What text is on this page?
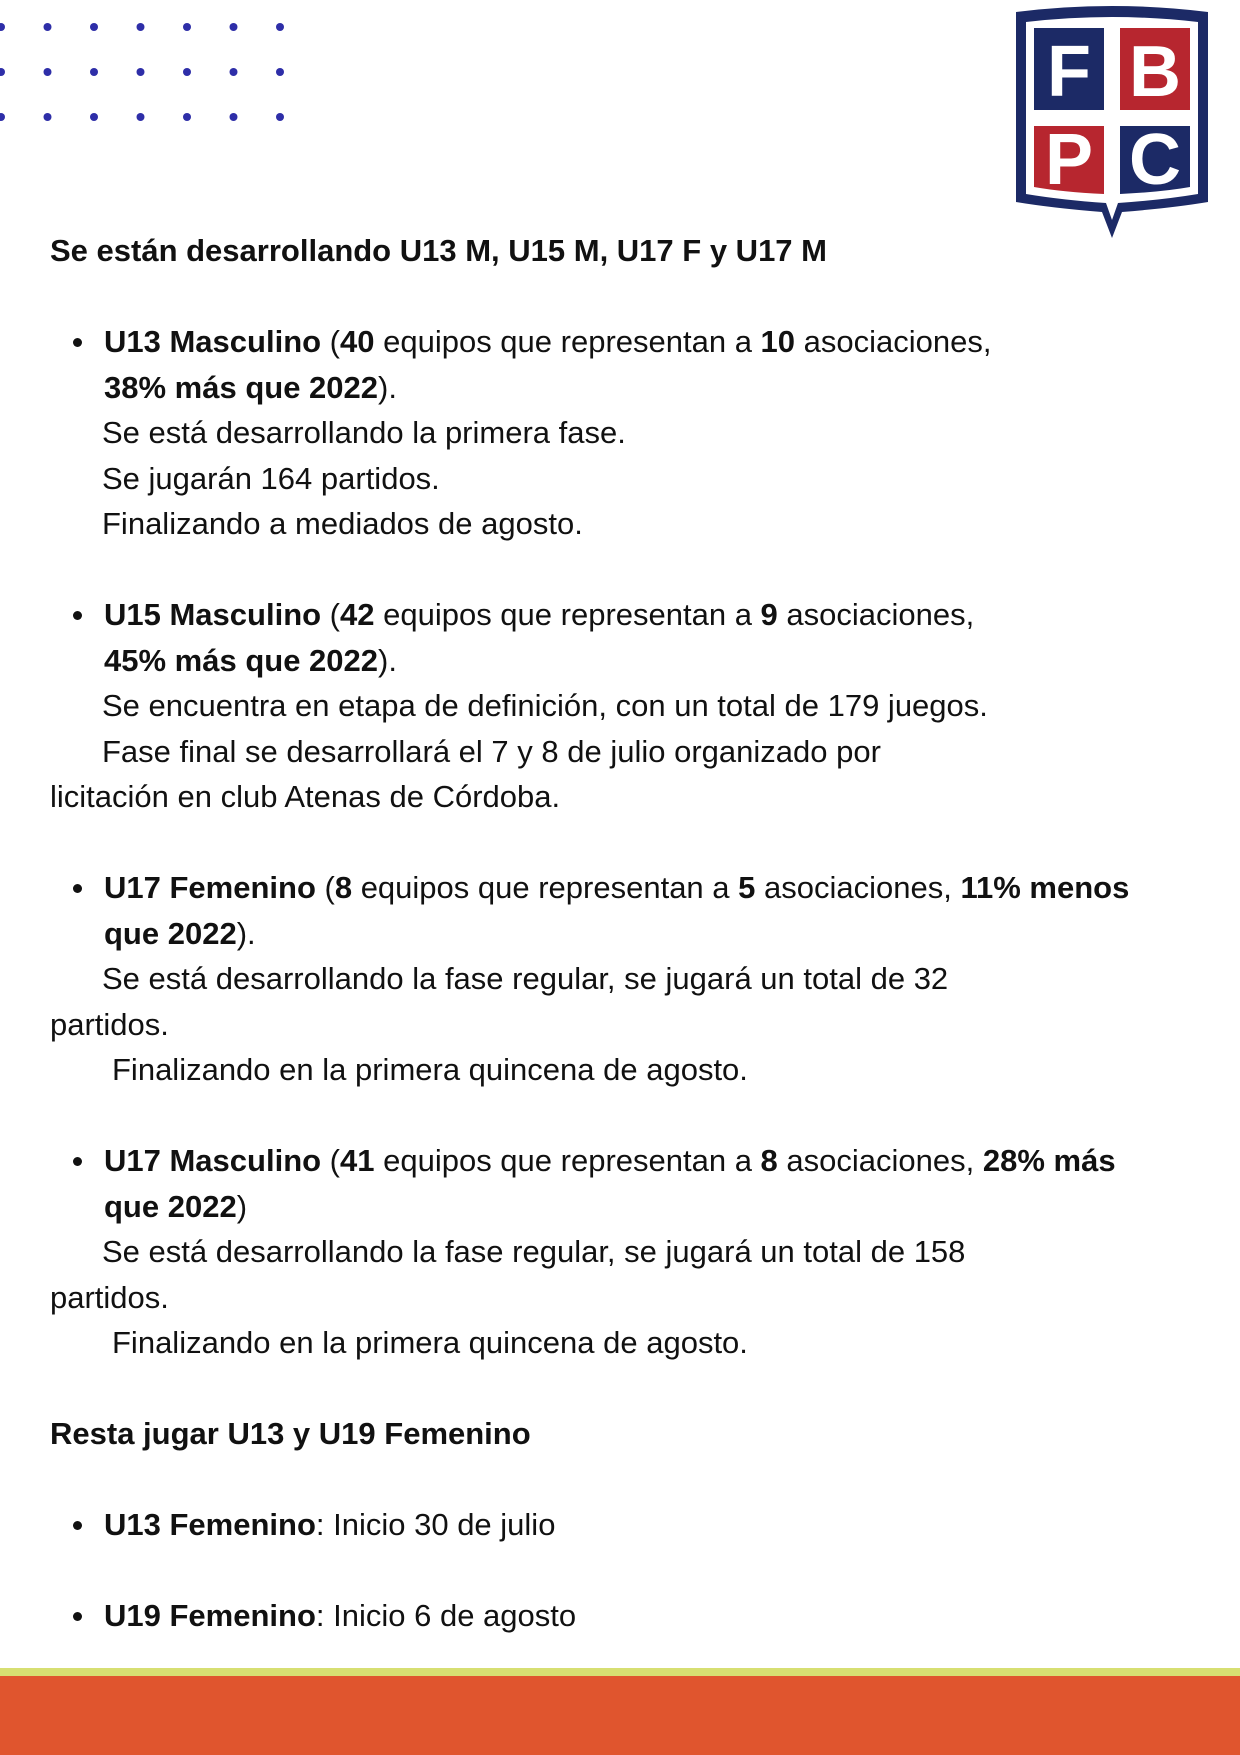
F B
P C

Se están desarrollando U13 M, U15 M, U17 F y U17 M

U13 Masculino (40 equipos que representan a 10 asociaciones,
38% más que 2022).

Se está desarrollando la primera fase.

Se jugarán 164 partidos.

Finalizando a mediados de agosto.

U15 Masculino (42 equipos que representan a 9 asociaciones,
45% más que 2022).

Se encuentra en etapa de definición, con un total de 179 juegos.

Fase final se desarrollará el 7 y 8 de julio organizado por licitación en club Atenas de Córdoba.

U17 Femenino (8 equipos que representan a 5 asociaciones, 11% menos que 2022).

Se está desarrollando la fase regular, se jugará un total de 32 partidos.

Finalizando en la primera quincena de agosto.

U17 Masculino (41 equipos que representan a 8 asociaciones, 28% más que 2022)

Se está desarrollando la fase regular, se jugará un total de 158 partidos.

Finalizando en la primera quincena de agosto.

Resta jugar U13 y U19 Femenino

U13 Femenino: Inicio 30 de julio
U19 Femenino: Inicio 6 de agosto
